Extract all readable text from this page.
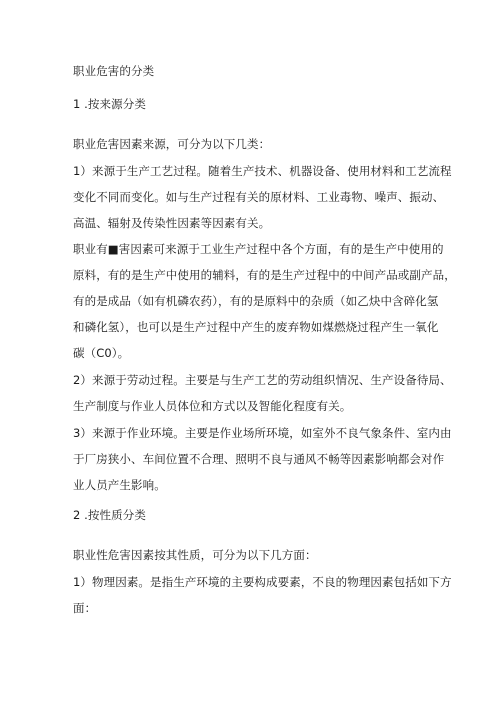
职业危害的分类
1 .按来源分类
职业危害因素来源，可分为以下几类：
1）来源于生产工艺过程。随着生产技术、机器设备、使用材料和工艺流程
变化不同而变化。如与生产过程有关的原材料、工业毒物、噪声、振动、
高温、辐射及传染性因素等因素有关。
职业有■害因素可来源于工业生产过程中各个方面，有的是生产中使用的
原料，有的是生产中使用的辅料，有的是生产过程中的中间产品或副产品，
有的是成品（如有机磷农药），有的是原料中的杂质（如乙炔中含碎化氢
和磷化氢），也可以是生产过程中产生的废弃物如煤燃烧过程产生一氧化
碳（C0）。
2）来源于劳动过程。主要是与生产工艺的劳动组织情况、生产设备待局、
生产制度与作业人员体位和方式以及智能化程度有关。
3）来源于作业环境。主要是作业场所环境，如室外不良气象条件、室内由
于厂房狭小、车间位置不合理、照明不良与通风不畅等因素影响都会对作
业人员产生影响。
2 .按性质分类
职业性危害因素按其性质，可分为以下几方面：
1）物理因素。是指生产环境的主要构成要素，不良的物理因素包括如下方
面：
